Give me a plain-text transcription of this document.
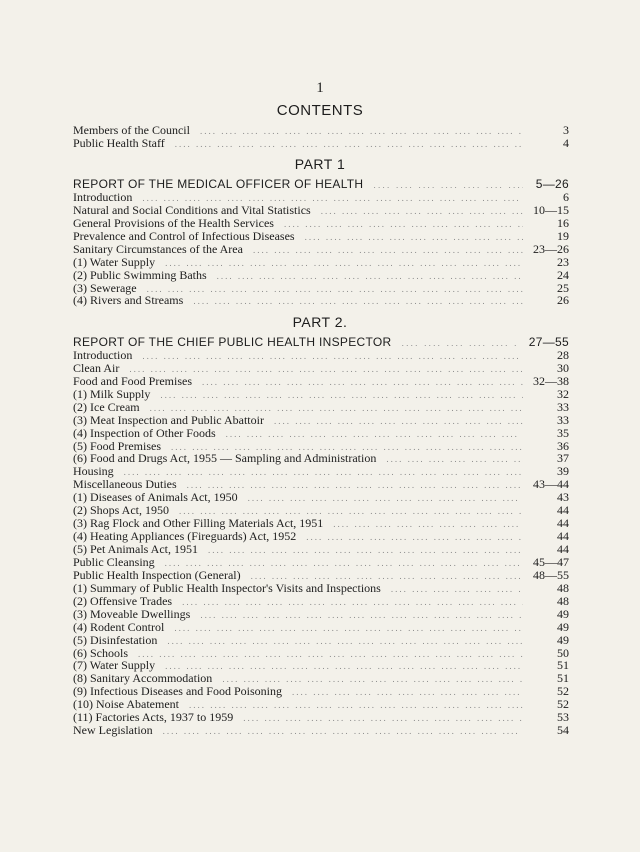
1
CONTENTS
Members of the Council ....	3
Public Health Staff ....	4
PART 1
REPORT OF THE MEDICAL OFFICER OF HEALTH ....	5—26
Introduction ....	6
Natural and Social Conditions and Vital Statistics ....	10—15
General Provisions of the Health Services ....	16
Prevalence and Control of Infectious Diseases ....	19
Sanitary Circumstances of the Area ....	23—26
(1) Water Supply ....	23
(2) Public Swimming Baths ....	24
(3) Sewerage ....	25
(4) Rivers and Streams ....	26
PART 2.
REPORT OF THE CHIEF PUBLIC HEALTH INSPECTOR ....	27—55
Introduction ....	28
Clean Air ....	30
Food and Food Premises ....	32—38
(1) Milk Supply ....	32
(2) Ice Cream ....	33
(3) Meat Inspection and Public Abattoir ....	33
(4) Inspection of Other Foods ....	35
(5) Food Premises ....	36
(6) Food and Drugs Act, 1955 — Sampling and Administration ....	37
Housing ....	39
Miscellaneous Duties ....	43—44
(1) Diseases of Animals Act, 1950 ....	43
(2) Shops Act, 1950 ....	44
(3) Rag Flock and Other Filling Materials Act, 1951 ....	44
(4) Heating Appliances (Fireguards) Act, 1952 ....	44
(5) Pet Animals Act, 1951 ....	44
Public Cleansing ....	45—47
Public Health Inspection (General) ....	48—55
(1) Summary of Public Health Inspector's Visits and Inspections ....	48
(2) Offensive Trades ....	48
(3) Moveable Dwellings ....	49
(4) Rodent Control ....	49
(5) Disinfestation ....	49
(6) Schools ....	50
(7) Water Supply ....	51
(8) Sanitary Accommodation ....	51
(9) Infectious Diseases and Food Poisoning ....	52
(10) Noise Abatement ....	52
(11) Factories Acts, 1937 to 1959 ....	53
New Legislation ....	54
